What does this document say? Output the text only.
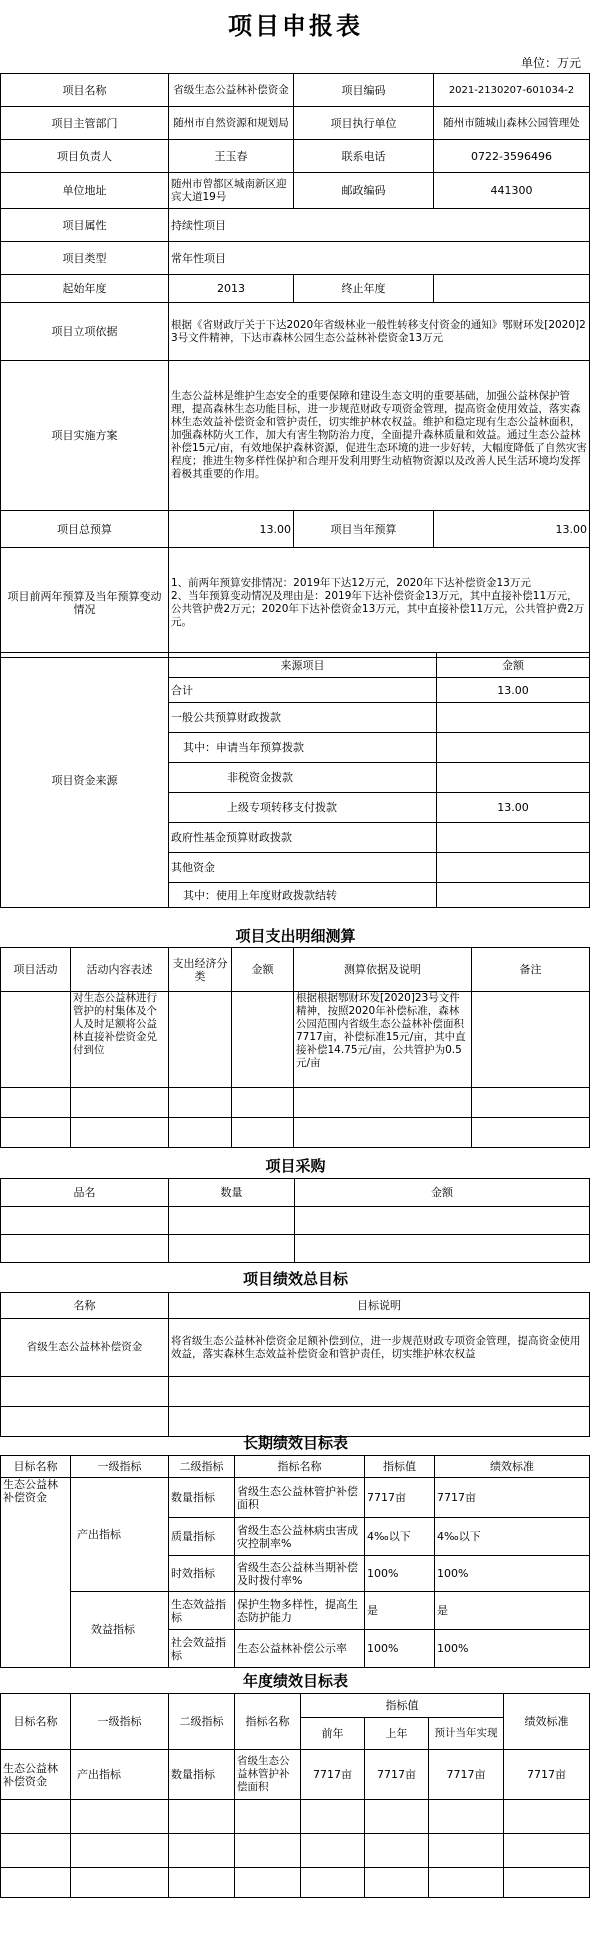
项目申报表
单位：万元
项目名称	省级生态公益林补偿资金	项目编码	2021-2130207-601034-2
项目主管部门	随州市自然资源和规划局	项目执行单位	随州市随城山森林公园管理处
项目负责人	王玉春	联系电话	0722-3596496
单位地址	随州市曾都区城南新区迎宾大道19号	邮政编码	441300
项目属性	持续性项目		
项目类型	常年性项目		
起始年度	2013	终止年度	
项目立项依据	根据《省财政厅关于下达2020年省级林业一般性转移支付资金的通知》鄂财环发[2020]23号文件精神，下达市森林公园生态公益林补偿资金13万元		
项目实施方案	生态公益林是维护生态安全的重要保障和建设生态文明的重要基础，加强公益林保护管理，提高森林生态功能目标，进一步规范财政专项资金管理，提高资金使用效益，落实森林生态效益补偿资金和管护责任，切实维护林农权益。维护和稳定现有生态公益林面积，加强森林防火工作，加大有害生物防治力度，全面提升森林质量和效益。通过生态公益林补偿15元/亩，有效地保护森林资源，促进生态环境的进一步好转，大幅度降低了自然灾害程度；推进生物多样性保护和合理开发利用野生动植物资源以及改善人民生活环境均发挥着极其重要的作用。		
项目总预算	13.00	项目当年预算	13.00
项目前两年预算及当年预算变动情况	1、前两年预算安排情况：2019年下达12万元，2020年下达补偿资金13万元
2、当年预算变动情况及理由是：2019年下达补偿资金13万元，其中直接补偿11万元，公共管护费2万元；2020年下达补偿资金13万元，其中直接补偿11万元，公共管护费2万元。		
项目资金来源	来源项目	金额
	合计	13.00
	一般公共预算财政拨款	
	其中：申请当年预算拨款	
	非税资金拨款	
	上级专项转移支付拨款	13.00
	政府性基金预算财政拨款	
	其他资金	
	其中：使用上年度财政拨款结转	
项目支出明细测算
项目活动	活动内容表述	支出经济分类	金额	测算依据及说明	备注
	对生态公益林进行管护的村集体及个人及时足额将公益林直接补偿资金兑付到位			根据根据鄂财环发[2020]23号文件精神，按照2020年补偿标准，森林公园范围内省级生态公益林补偿面积7717亩，补偿标准15元/亩，其中直接补偿14.75元/亩，公共管护为0.5元/亩	

项目采购
品名	数量	金额

项目绩效总目标
名称	目标说明
省级生态公益林补偿资金	将省级生态公益林补偿资金足额补偿到位，进一步规范财政专项资金管理，提高资金使用效益，落实森林生态效益补偿资金和管护责任，切实维护林农权益

长期绩效目标表
目标名称	一级指标	二级指标	指标名称	指标值	绩效标准
生态公益林补偿资金	产出指标	数量指标	省级生态公益林管护补偿面积	7717亩	7717亩
		质量指标	省级生态公益林病虫害成灾控制率%	4‰以下	4‰以下
		时效指标	省级生态公益林当期补偿及时拨付率%	100%	100%
	效益指标	生态效益指标	保护生物多样性，提高生态防护能力	是	是
		社会效益指标	生态公益林补偿公示率	100%	100%
年度绩效目标表
目标名称	一级指标	二级指标	指标名称	指标值			绩效标准
				前年	上年	预计当年实现	
生态公益林补偿资金	产出指标	数量指标	省级生态公益林管护补偿面积	7717亩	7717亩	7717亩	7717亩
